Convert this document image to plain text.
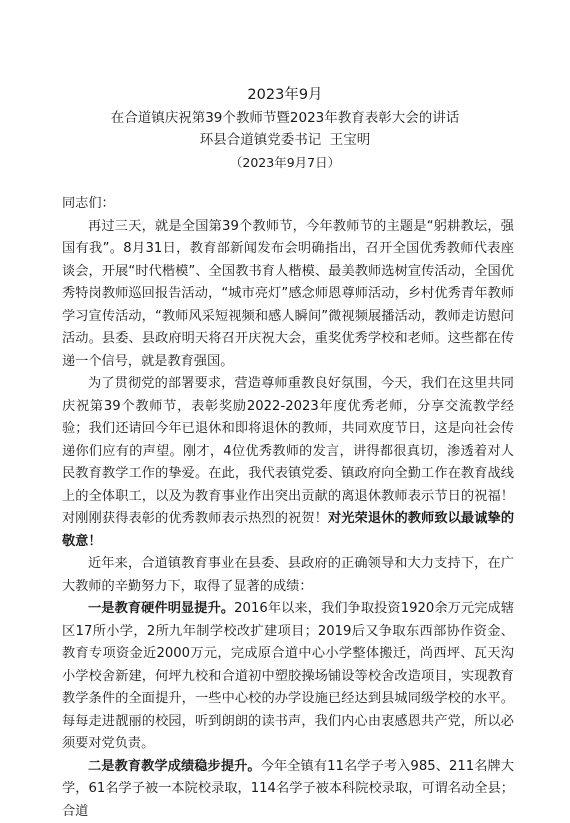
2023年9月
在合道镇庆祝第39个教师节暨2023年教育表彰大会的讲话
环县合道镇党委书记  王宝明
（2023年9月7日）

同志们：

再过三天，就是全国第39个教师节，今年教师节的主题是“躬耕教坛，强国有我”。8月31日，教育部新闻发布会明确指出，召开全国优秀教师代表座谈会，开展“时代楷模”、全国教书育人楷模、最美教师选树宣传活动，全国优秀特岗教师巡回报告活动，“城市亮灯”感念师恩尊师活动，乡村优秀青年教师学习宣传活动，“教师风采短视频和感人瞬间”微视频展播活动，教师走访慰问活动。县委、县政府明天将召开庆祝大会，重奖优秀学校和老师。这些都在传递一个信号，就是教育强国。

为了贯彻党的部署要求，营造尊师重教良好氛围，今天，我们在这里共同庆祝第39个教师节，表彰奖励2022-2023年度优秀老师，分享交流教学经验；我们还请回今年已退休和即将退休的教师，共同欢度节日，这是向社会传递你们应有的声望。刚才，4位优秀教师的发言，讲得都很真切，渗透着对人民教育教学工作的挚爱。在此，我代表镇党委、镇政府向全勤工作在教育战线上的全体职工，以及为教育事业作出突出贡献的离退休教师表示节日的祝福！对刚刚获得表彰的优秀教师表示热烈的祝贺！对光荣退休的教师致以最诚挚的敬意！

近年来，合道镇教育事业在县委、县政府的正确领导和大力支持下，在广大教师的辛勤努力下，取得了显著的成绩：

一是教育硬件明显提升。2016年以来，我们争取投资1920余万元完成辖区17所小学，2所九年制学校改扩建项目；2019后又争取东西部协作资金、教育专项资金近2000万元，完成原合道中心小学整体搬迁，尚西坪、瓦天沟小学校舍新建，何坪九校和合道初中塑胶操场铺设等校舍改造项目，实现教育教学条件的全面提升，一些中心校的办学设施已经达到县城同级学校的水平。每每走进靓丽的校园，听到朗朗的读书声，我们内心由衷感恩共产党，所以必须要对党负责。

二是教育教学成绩稳步提升。今年全镇有11名学子考入985、211名牌大学，61名学子被一本院校录取，114名学子被本科院校录取，可谓名动全县；合道
